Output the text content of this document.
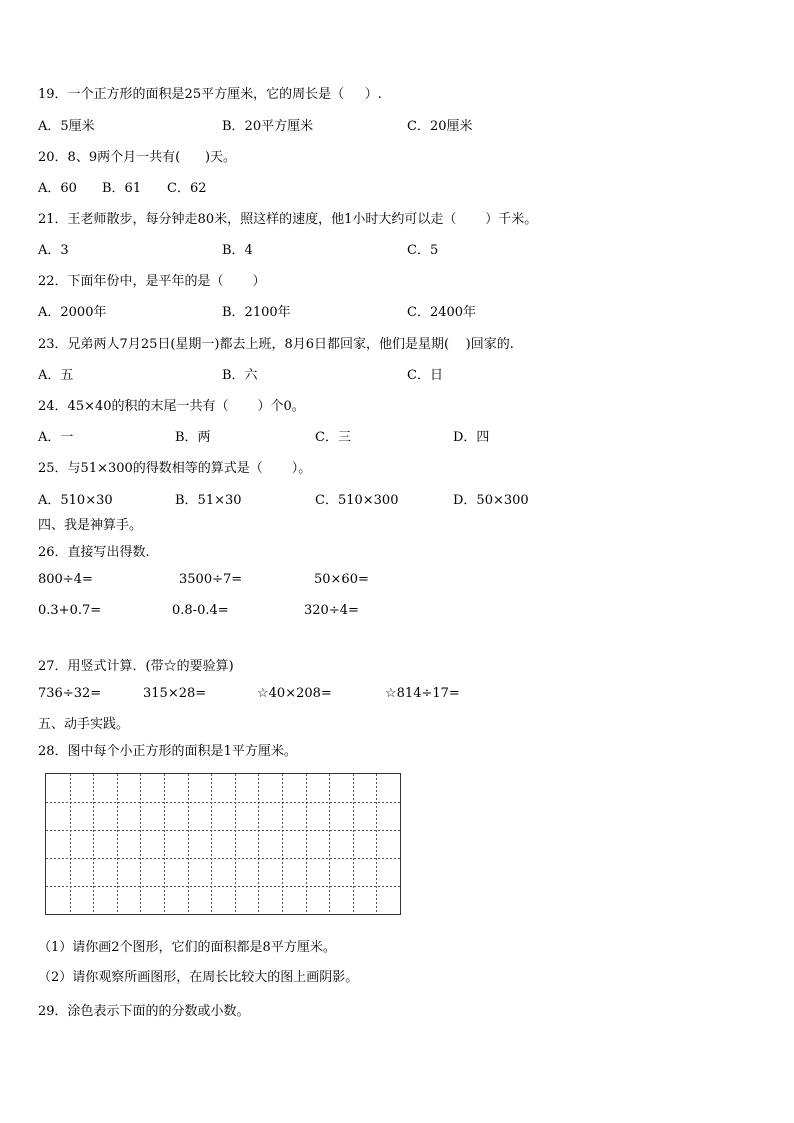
19．一个正方形的面积是25平方厘米，它的周长是（     ）.
A．5厘米	B．20平方厘米	C．20厘米
20．8、9两个月一共有(      )天。
A．60 B．61 C．62
21．王老师散步，每分钟走80米，照这样的速度，他1小时大约可以走（       ）千米。
A．3	B．4	C．5
22．下面年份中，是平年的是（       ）
A．2000年	B．2100年	C．2400年
23．兄弟两人7月25日(星期一)都去上班，8月6日都回家，他们是星期(    )回家的.
A．五	B．六	C．日
24．45×40的积的末尾一共有（       ）个0。
A．一	B．两	C．三	D．四
25．与51×300的得数相等的算式是（       ）。
A．510×30	B．51×30	C．510×300	D．50×300
四、我是神算手。
26．直接写出得数.
800÷4=	3500÷7=	50×60=
0.3+0.7=	0.8-0.4=	320÷4=
27．用竖式计算．(带☆的要验算)
736÷32=	315×28=	☆40×208=	☆814÷17=
五、动手实践。
28．图中每个小正方形的面积是1平方厘米。
（1）请你画2个图形，它们的面积都是8平方厘米。
（2）请你观察所画图形，在周长比较大的图上画阴影。
29．涂色表示下面的的分数或小数。
